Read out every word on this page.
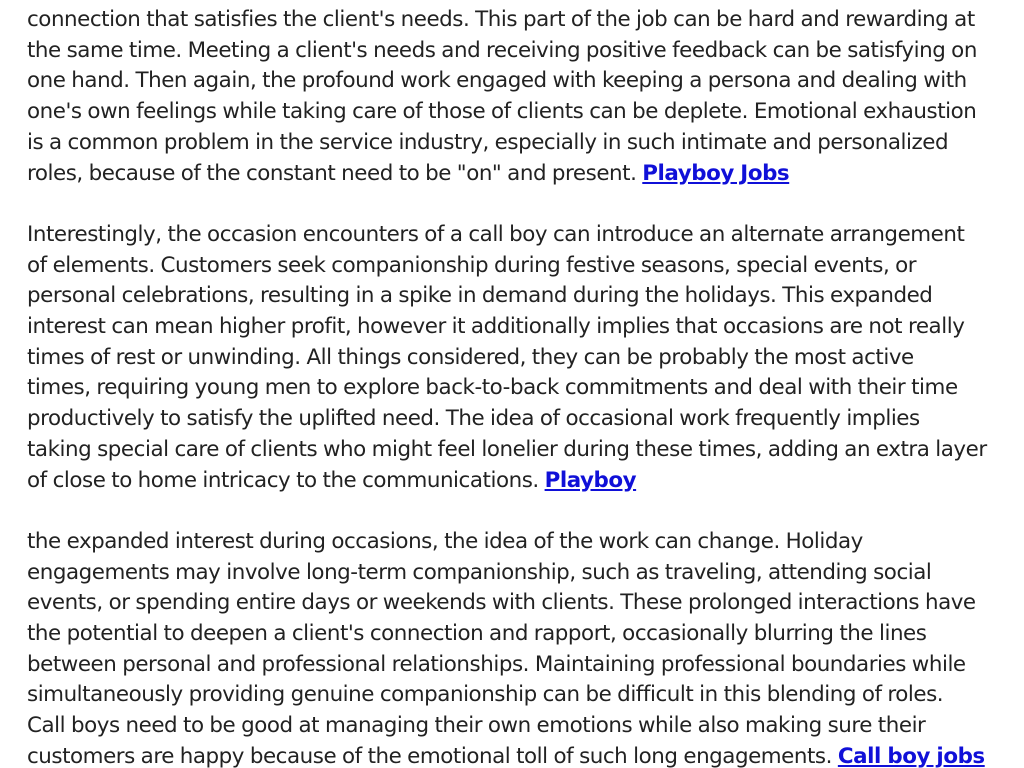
connection that satisfies the client's needs. This part of the job can be hard and rewarding at
the same time. Meeting a client's needs and receiving positive feedback can be satisfying on
one hand. Then again, the profound work engaged with keeping a persona and dealing with
one's own feelings while taking care of those of clients can be deplete. Emotional exhaustion
is a common problem in the service industry, especially in such intimate and personalized
roles, because of the constant need to be "on" and present. Playboy Jobs

Interestingly, the occasion encounters of a call boy can introduce an alternate arrangement
of elements. Customers seek companionship during festive seasons, special events, or
personal celebrations, resulting in a spike in demand during the holidays. This expanded
interest can mean higher profit, however it additionally implies that occasions are not really
times of rest or unwinding. All things considered, they can be probably the most active
times, requiring young men to explore back-to-back commitments and deal with their time
productively to satisfy the uplifted need. The idea of occasional work frequently implies
taking special care of clients who might feel lonelier during these times, adding an extra layer
of close to home intricacy to the communications. Playboy

the expanded interest during occasions, the idea of the work can change. Holiday
engagements may involve long-term companionship, such as traveling, attending social
events, or spending entire days or weekends with clients. These prolonged interactions have
the potential to deepen a client's connection and rapport, occasionally blurring the lines
between personal and professional relationships. Maintaining professional boundaries while
simultaneously providing genuine companionship can be difficult in this blending of roles.
Call boys need to be good at managing their own emotions while also making sure their
customers are happy because of the emotional toll of such long engagements. Call boy jobs
